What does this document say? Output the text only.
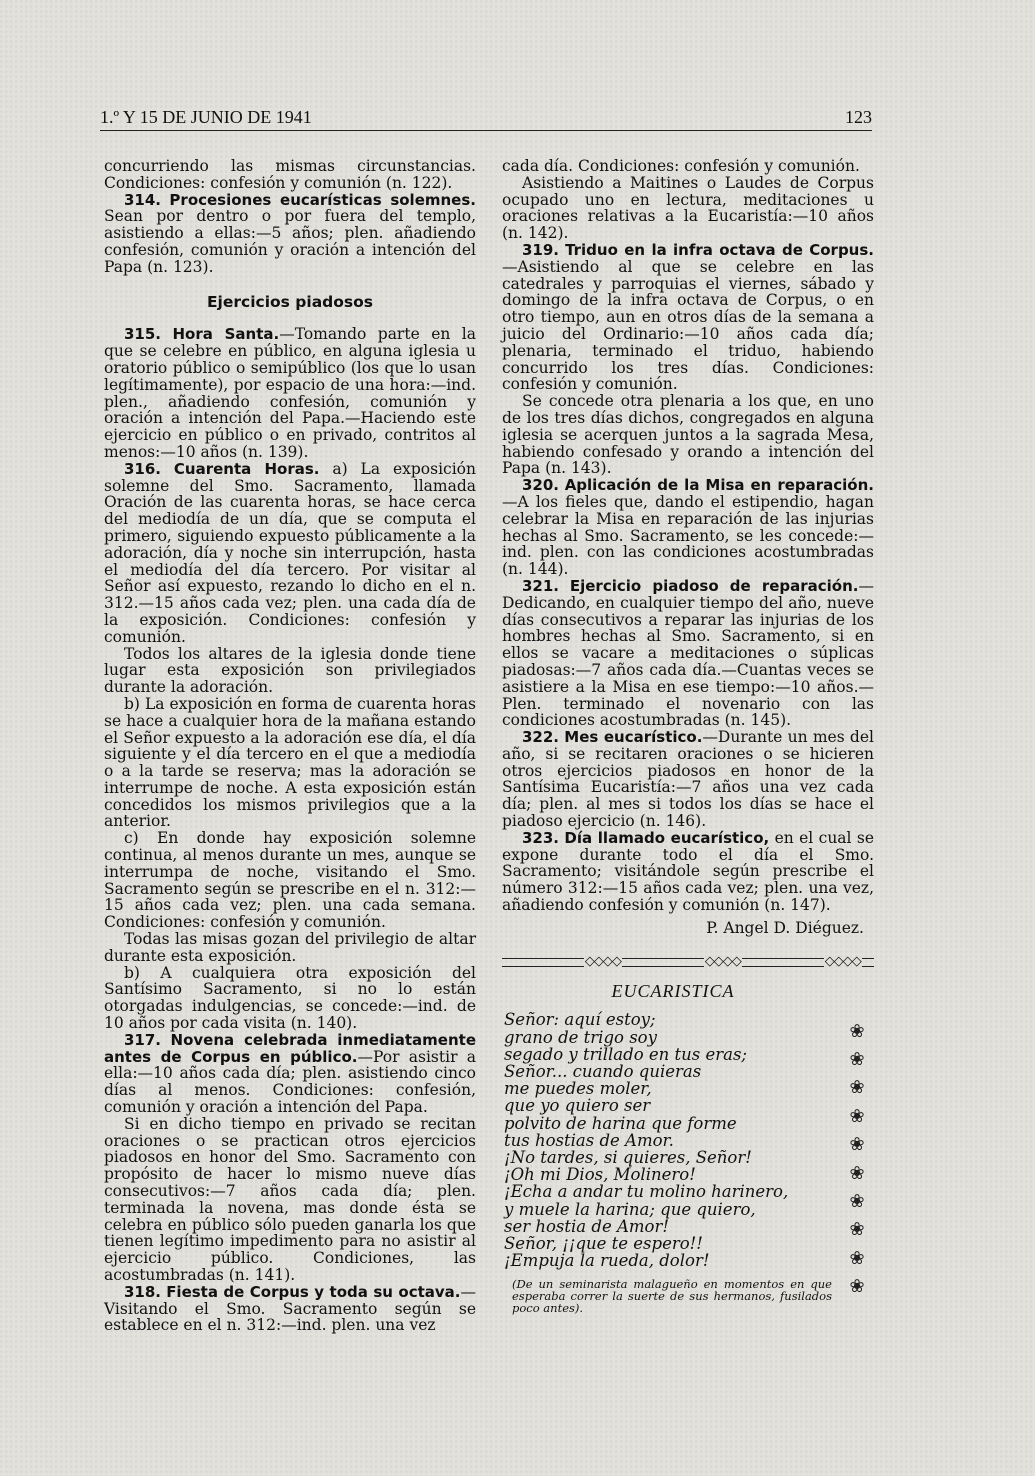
1.º Y 15 DE JUNIO DE 1941	123

concurriendo las mismas circunstancias. Condiciones: confesión y comunión (n. 122).

314. Procesiones eucarísticas solemnes. Sean por dentro o por fuera del templo, asistiendo a ellas:—5 años; plen. añadiendo confesión, comunión y oración a intención del Papa (n. 123).

Ejercicios piadosos

315. Hora Santa.—Tomando parte en la que se celebre en público, en alguna iglesia u oratorio público o semipúblico (los que lo usan legítimamente), por espacio de una hora:—ind. plen., añadiendo confesión, comunión y oración a intención del Papa.—Haciendo este ejercicio en público o en privado, contritos al menos:—10 años (n. 139).

316. Cuarenta Horas. a) La exposición solemne del Smo. Sacramento, llamada Oración de las cuarenta horas, se hace cerca del mediodía de un día, que se computa el primero, siguiendo expuesto públicamente a la adoración, día y noche sin interrupción, hasta el mediodía del día tercero. Por visitar al Señor así expuesto, rezando lo dicho en el n. 312.—15 años cada vez; plen. una cada día de la exposición. Condiciones: confesión y comunión.

Todos los altares de la iglesia donde tiene lugar esta exposición son privilegiados durante la adoración.

b) La exposición en forma de cuarenta horas se hace a cualquier hora de la mañana estando el Señor expuesto a la adoración ese día, el día siguiente y el día tercero en el que a mediodía o a la tarde se reserva; mas la adoración se interrumpe de noche. A esta exposición están concedidos los mismos privilegios que a la anterior.

c) En donde hay exposición solemne continua, al menos durante un mes, aunque se interrumpa de noche, visitando el Smo. Sacramento según se prescribe en el n. 312:—15 años cada vez; plen. una cada semana. Condiciones: confesión y comunión.

Todas las misas gozan del privilegio de altar durante esta exposición.

b) A cualquiera otra exposición del Santísimo Sacramento, si no lo están otorgadas indulgencias, se concede:—ind. de 10 años por cada visita (n. 140).

317. Novena celebrada inmediatamente antes de Corpus en público.—Por asistir a ella:—10 años cada día; plen. asistiendo cinco días al menos. Condiciones: confesión, comunión y oración a intención del Papa.

Si en dicho tiempo en privado se recitan oraciones o se practican otros ejercicios piadosos en honor del Smo. Sacramento con propósito de hacer lo mismo nueve días consecutivos:—7 años cada día; plen. terminada la novena, mas donde ésta se celebra en público sólo pueden ganarla los que tienen legítimo impedimento para no asistir al ejercicio público. Condiciones, las acostumbradas (n. 141).

318. Fiesta de Corpus y toda su octava.—Visitando el Smo. Sacramento según se establece en el n. 312:—ind. plen. una vez

cada día. Condiciones: confesión y comunión.

Asistiendo a Maitines o Laudes de Corpus ocupado uno en lectura, meditaciones u oraciones relativas a la Eucaristía:—10 años (n. 142).

319. Triduo en la infra octava de Corpus.—Asistiendo al que se celebre en las catedrales y parroquias el viernes, sábado y domingo de la infra octava de Corpus, o en otro tiempo, aun en otros días de la semana a juicio del Ordinario:—10 años cada día; plenaria, terminado el triduo, habiendo concurrido los tres días. Condiciones: confesión y comunión.

Se concede otra plenaria a los que, en uno de los tres días dichos, congregados en alguna iglesia se acerquen juntos a la sagrada Mesa, habiendo confesado y orando a intención del Papa (n. 143).

320. Aplicación de la Misa en reparación.—A los fieles que, dando el estipendio, hagan celebrar la Misa en reparación de las injurias hechas al Smo. Sacramento, se les concede:—ind. plen. con las condiciones acostumbradas (n. 144).

321. Ejercicio piadoso de reparación.—Dedicando, en cualquier tiempo del año, nueve días consecutivos a reparar las injurias de los hombres hechas al Smo. Sacramento, si en ellos se vacare a meditaciones o súplicas piadosas:—7 años cada día.—Cuantas veces se asistiere a la Misa en ese tiempo:—10 años.—Plen. terminado el novenario con las condiciones acostumbradas (n. 145).

322. Mes eucarístico.—Durante un mes del año, si se recitaren oraciones o se hicieren otros ejercicios piadosos en honor de la Santísima Eucaristía:—7 años una vez cada día; plen. al mes si todos los días se hace el piadoso ejercicio (n. 146).

323. Día llamado eucarístico, en el cual se expone durante todo el día el Smo. Sacramento; visitándole según prescribe el número 312:—15 años cada vez; plen. una vez, añadiendo confesión y comunión (n. 147).

P. Angel D. Diéguez.
◇◇◇◇	◇◇◇◇	◇◇◇◇
EUCARISTICA
Señor: aquí estoy;
grano de trigo soy
segado y trillado en tus eras;
Señor... cuando quieras
me puedes moler,
que yo quiero ser
polvito de harina que forme
tus hostias de Amor.
¡No tardes, si quieres, Señor!
¡Oh mi Dios, Molinero!
¡Echa a andar tu molino harinero,
y muele la harina; que quiero,
ser hostia de Amor!
Señor, ¡¡que te espero!!
¡Empuja la rueda, dolor!
(De un seminarista malagueño en momentos en que esperaba correr la suerte de sus hermanos, fusilados poco antes).
❀
❀
❀
❀
❀
❀
❀
❀
❀
❀
